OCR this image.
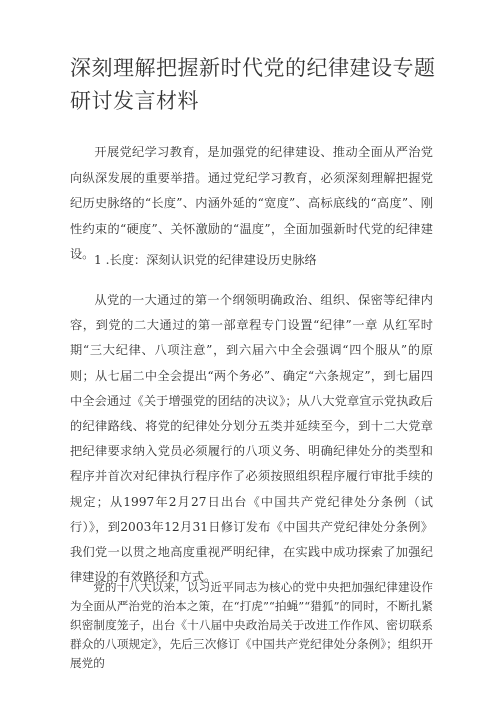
深刻理解把握新时代党的纪律建设专题研讨发言材料

开展党纪学习教育，是加强党的纪律建设、推动全面从严治党向纵深发展的重要举措。通过党纪学习教育，必须深刻理解把握党纪历史脉络的“长度”、内涵外延的“宽度”、高标底线的“高度”、刚性约束的“硬度”、关怀激励的“温度”，全面加强新时代党的纪律建设。 1 .长度：深刻认识党的纪律建设历史脉络

从党的一大通过的第一个纲领明确政治、组织、保密等纪律内容，到党的二大通过的第一部章程专门设置“纪律”一章 从红军时期“三大纪律、八项注意”，到六届六中全会强调“四个服从”的原则；从七届二中全会提出“两个务必”、确定“六条规定”，到七届四中全会通过《关于增强党的团结的决议》；从八大党章宣示党执政后的纪律路线、将党的纪律处分划分五类并延续至今，到十二大党章把纪律要求纳入党员必须履行的八项义务、明确纪律处分的类型和程序并首次对纪律执行程序作了必须按照组织程序履行审批手续的规定；从1997年2月27日出台《中国共产党纪律处分条例（试行）》，到2003年12月31日修订发布《中国共产党纪律处分条例》我们党一以贯之地高度重视严明纪律，在实践中成功探索了加强纪律建设的有效路径和方式。

党的十八大以来，以习近平同志为核心的党中央把加强纪律建设作为全面从严治党的治本之策，在“打虎”“拍蝇”“猎狐”的同时，不断扎紧织密制度笼子，出台《十八届中央政治局关于改进工作作风、密切联系群众的八项规定》，先后三次修订《中国共产党纪律处分条例》；组织开展党的
